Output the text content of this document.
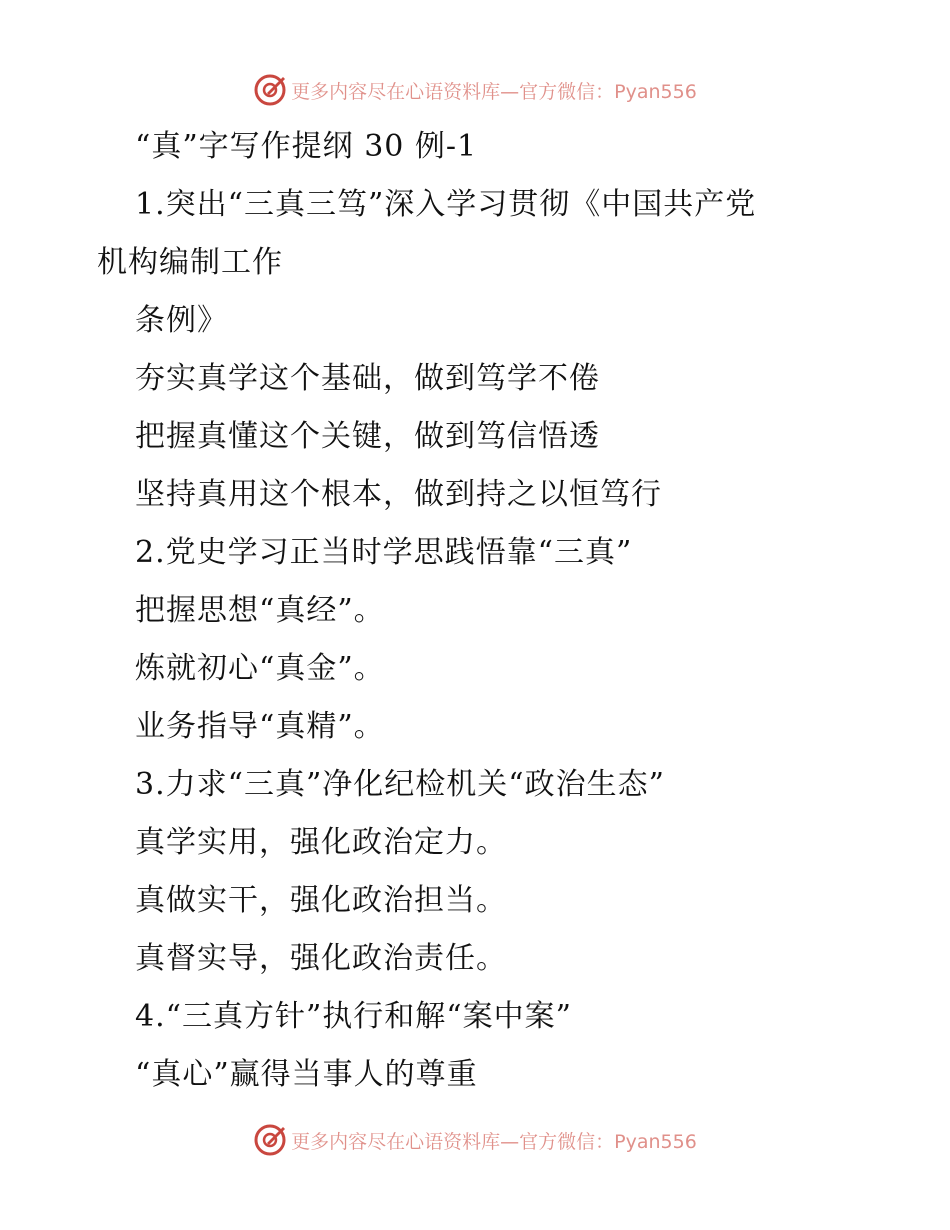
更多内容尽在心语资料库—官方微信：Pyan556
“真”字写作提纲 30 例-1
1.突出“三真三笃”深入学习贯彻《中国共产党
机构编制工作
条例》
夯实真学这个基础，做到笃学不倦
把握真懂这个关键，做到笃信悟透
坚持真用这个根本，做到持之以恒笃行
2.党史学习正当时学思践悟靠“三真”
把握思想“真经”。
炼就初心“真金”。
业务指导“真精”。
3.力求“三真”净化纪检机关“政治生态”
真学实用，强化政治定力。
真做实干，强化政治担当。
真督实导，强化政治责任。
4.“三真方针”执行和解“案中案”
“真心”赢得当事人的尊重
更多内容尽在心语资料库—官方微信：Pyan556
